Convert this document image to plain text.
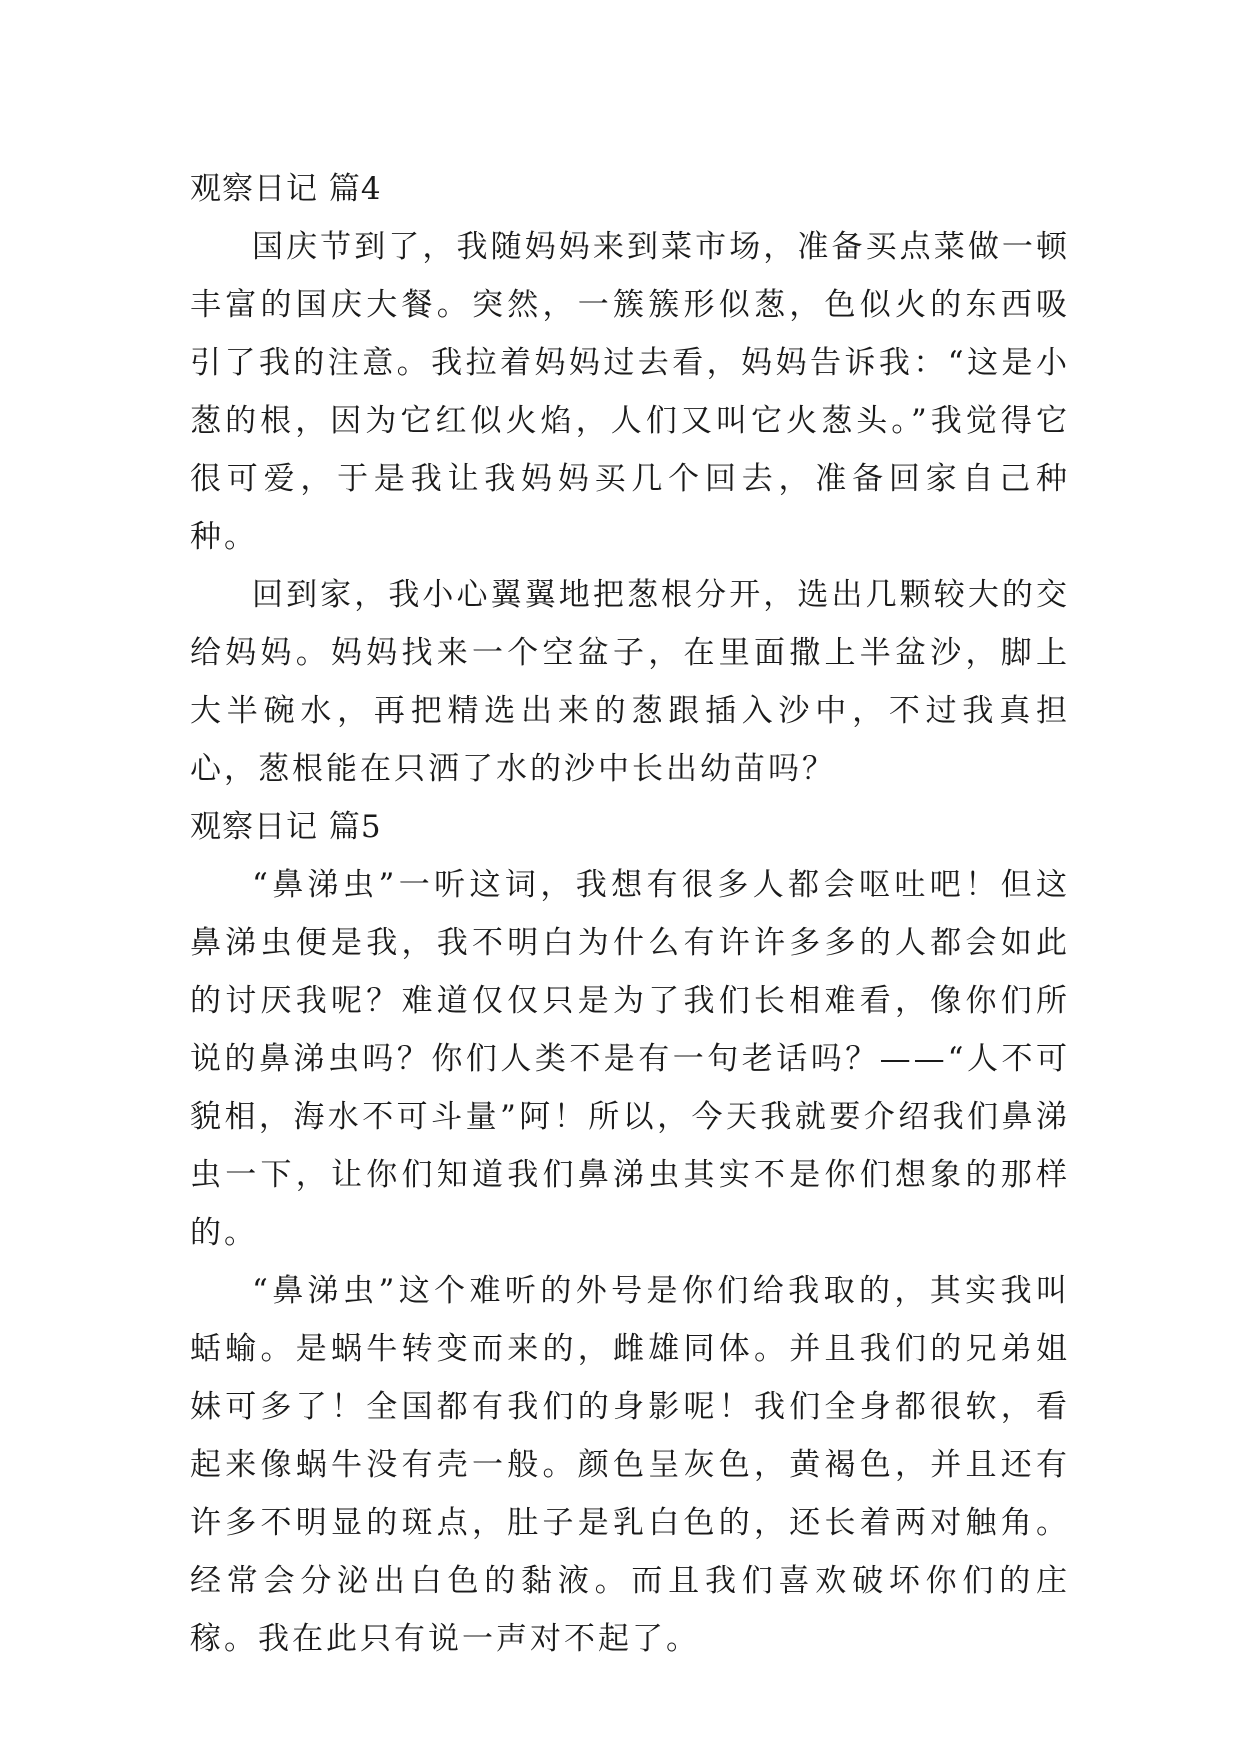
观察日记 篇4

国庆节到了，我随妈妈来到菜市场，准备买点菜做一顿丰富的国庆大餐。突然，一簇簇形似葱，色似火的东西吸引了我的注意。我拉着妈妈过去看，妈妈告诉我：“这是小葱的根，因为它红似火焰，人们又叫它火葱头。”我觉得它很可爱，于是我让我妈妈买几个回去，准备回家自己种种。

回到家，我小心翼翼地把葱根分开，选出几颗较大的交给妈妈。妈妈找来一个空盆子，在里面撒上半盆沙，脚上大半碗水，再把精选出来的葱跟插入沙中，不过我真担心，葱根能在只洒了水的沙中长出幼苗吗？

观察日记 篇5

“鼻涕虫”一听这词，我想有很多人都会呕吐吧！但这鼻涕虫便是我，我不明白为什么有许许多多的人都会如此的讨厌我呢？难道仅仅只是为了我们长相难看，像你们所说的鼻涕虫吗？你们人类不是有一句老话吗？——“人不可貌相，海水不可斗量”阿！所以，今天我就要介绍我们鼻涕虫一下，让你们知道我们鼻涕虫其实不是你们想象的那样的。

“鼻涕虫”这个难听的外号是你们给我取的，其实我叫蛞蝓。是蜗牛转变而来的，雌雄同体。并且我们的兄弟姐妹可多了！全国都有我们的身影呢！我们全身都很软，看起来像蜗牛没有壳一般。颜色呈灰色，黄褐色，并且还有许多不明显的斑点，肚子是乳白色的，还长着两对触角。经常会分泌出白色的黏液。而且我们喜欢破坏你们的庄稼。我在此只有说一声对不起了。
